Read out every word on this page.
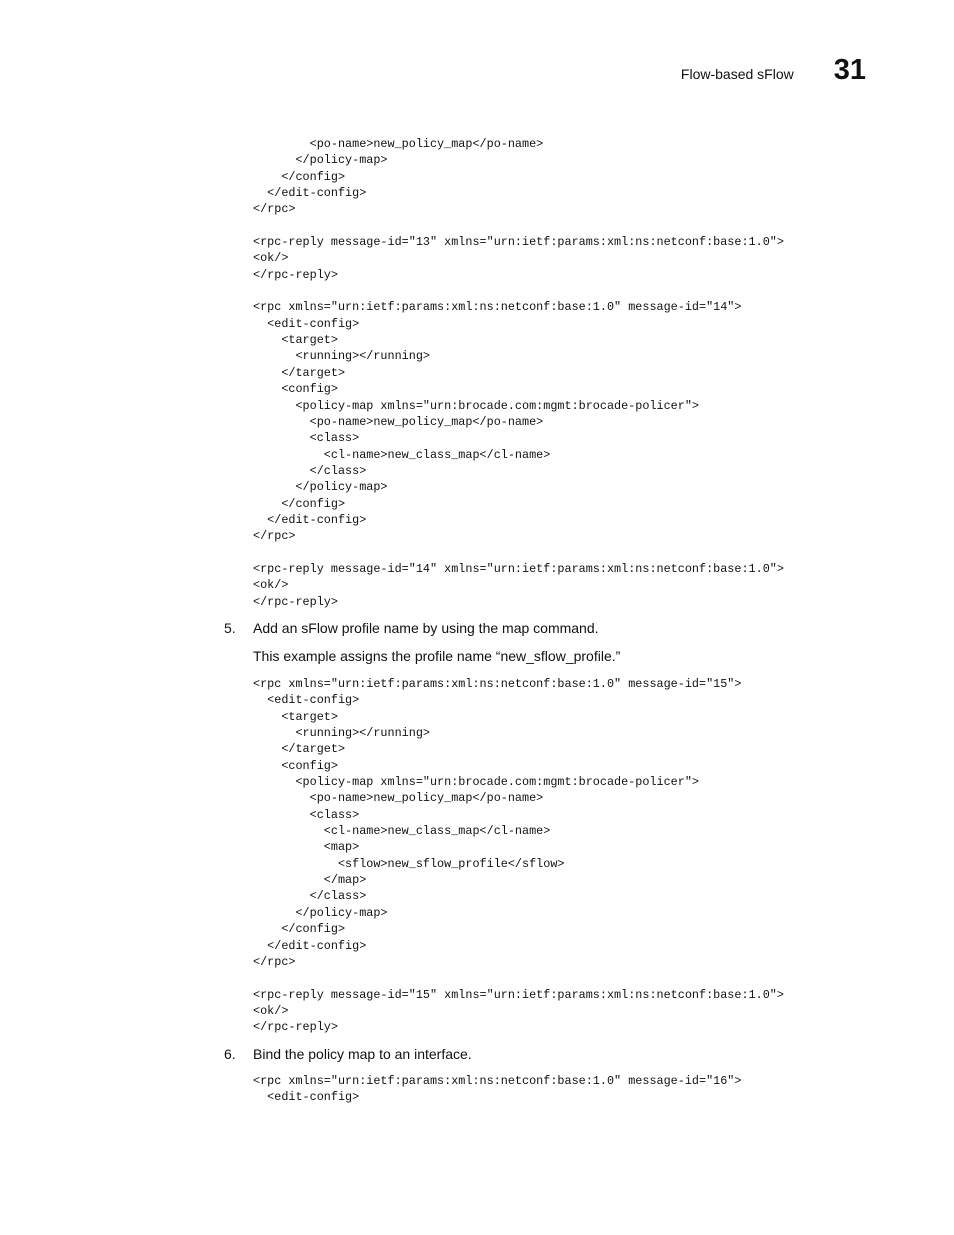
Flow-based sFlow 31
<po-name>new_policy_map</po-name>
</policy-map>
</config>
</edit-config>
</rpc>

<rpc-reply message-id="13" xmlns="urn:ietf:params:xml:ns:netconf:base:1.0">
<ok/>
</rpc-reply>

<rpc xmlns="urn:ietf:params:xml:ns:netconf:base:1.0" message-id="14">
<edit-config>
<target>
<running></running>
</target>
<config>
<policy-map xmlns="urn:brocade.com:mgmt:brocade-policer">
<po-name>new_policy_map</po-name>
<class>
<cl-name>new_class_map</cl-name>
</class>
</policy-map>
</config>
</edit-config>
</rpc>

<rpc-reply message-id="14" xmlns="urn:ietf:params:xml:ns:netconf:base:1.0">
<ok/>
</rpc-reply>
5. Add an sFlow profile name by using the map command.
This example assigns the profile name “new_sflow_profile.”
<rpc xmlns="urn:ietf:params:xml:ns:netconf:base:1.0" message-id="15">
<edit-config>
<target>
<running></running>
</target>
<config>
<policy-map xmlns="urn:brocade.com:mgmt:brocade-policer">
<po-name>new_policy_map</po-name>
<class>
<cl-name>new_class_map</cl-name>
<map>
<sflow>new_sflow_profile</sflow>
</map>
</class>
</policy-map>
</config>
</edit-config>
</rpc>

<rpc-reply message-id="15" xmlns="urn:ietf:params:xml:ns:netconf:base:1.0">
<ok/>
</rpc-reply>
6. Bind the policy map to an interface.
<rpc xmlns="urn:ietf:params:xml:ns:netconf:base:1.0" message-id="16">
<edit-config>
